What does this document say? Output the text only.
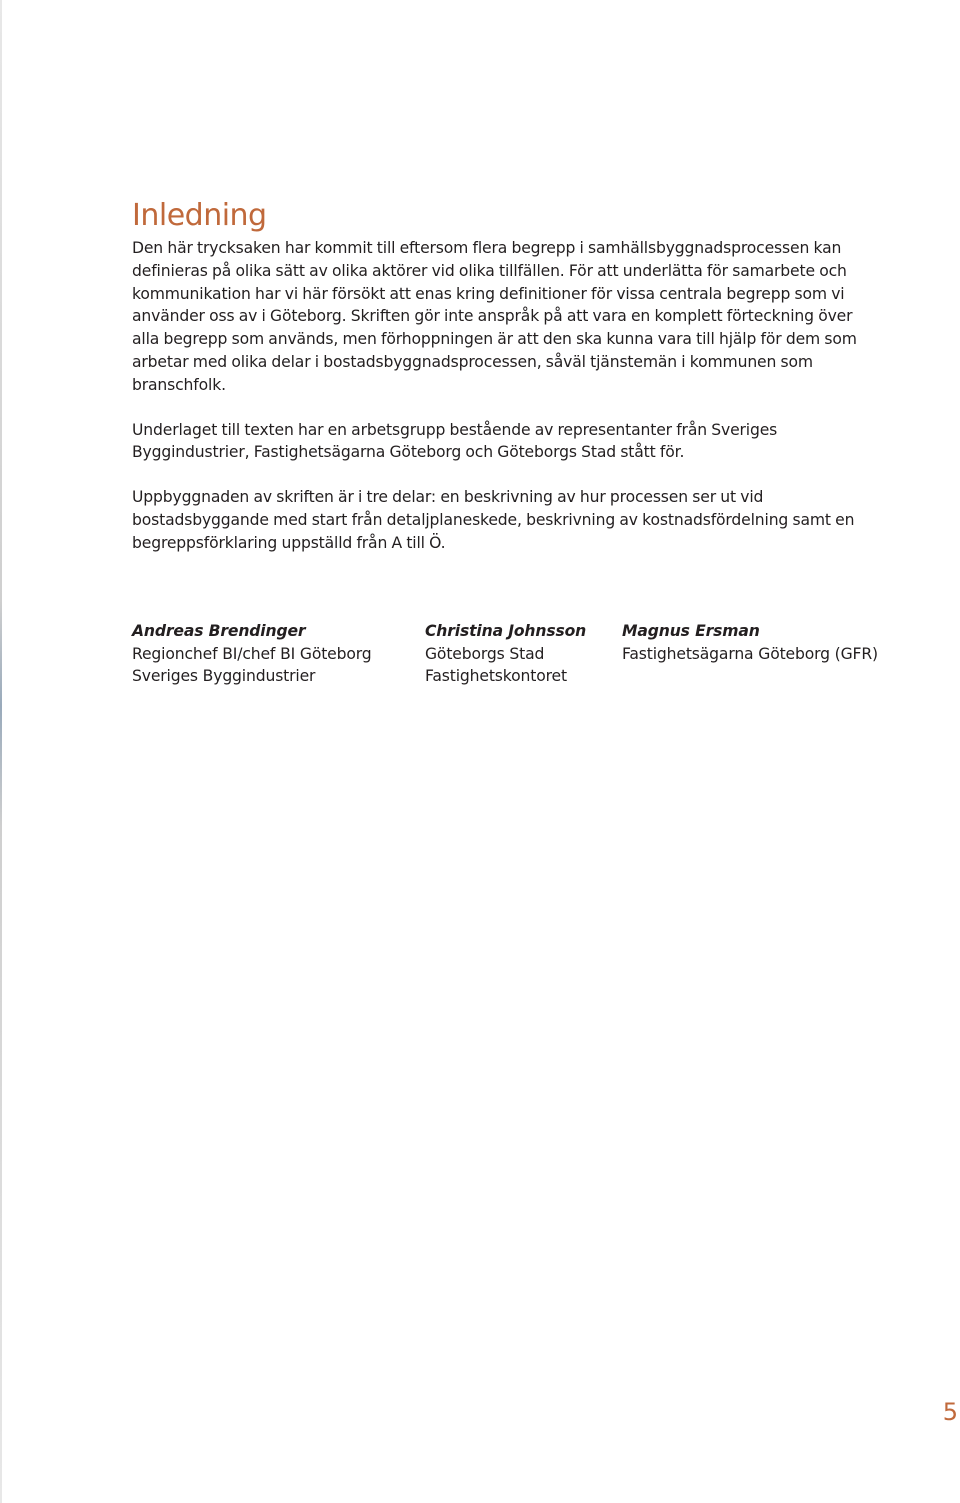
Inledning

Den här trycksaken har kommit till eftersom flera begrepp i samhällsbyggnadsprocessen kan definieras på olika sätt av olika aktörer vid olika tillfällen. För att underlätta för samarbete och kommunikation har vi här försökt att enas kring definitioner för vissa centrala begrepp som vi använder oss av i Göteborg. Skriften gör inte anspråk på att vara en komplett förteckning över alla begrepp som används, men förhoppningen är att den ska kunna vara till hjälp för dem som arbetar med olika delar i bostadsbyggnadsprocessen, såväl tjänstemän i kommunen som branschfolk.

Underlaget till texten har en arbetsgrupp bestående av representanter från Sveriges Byggindustrier, Fastighetsägarna Göteborg och Göteborgs Stad stått för.

Uppbyggnaden av skriften är i tre delar: en beskrivning av hur processen ser ut vid bostadsbyggande med start från detaljplaneskede, beskrivning av kostnadsfördelning samt en begreppsförklaring uppställd från A till Ö.

Andreas Brendinger
Regionchef BI/chef BI Göteborg
Sveriges Byggindustrier
Christina Johnsson
Göteborgs Stad
Fastighetskontoret
Magnus Ersman
Fastighetsägarna Göteborg (GFR)
5
